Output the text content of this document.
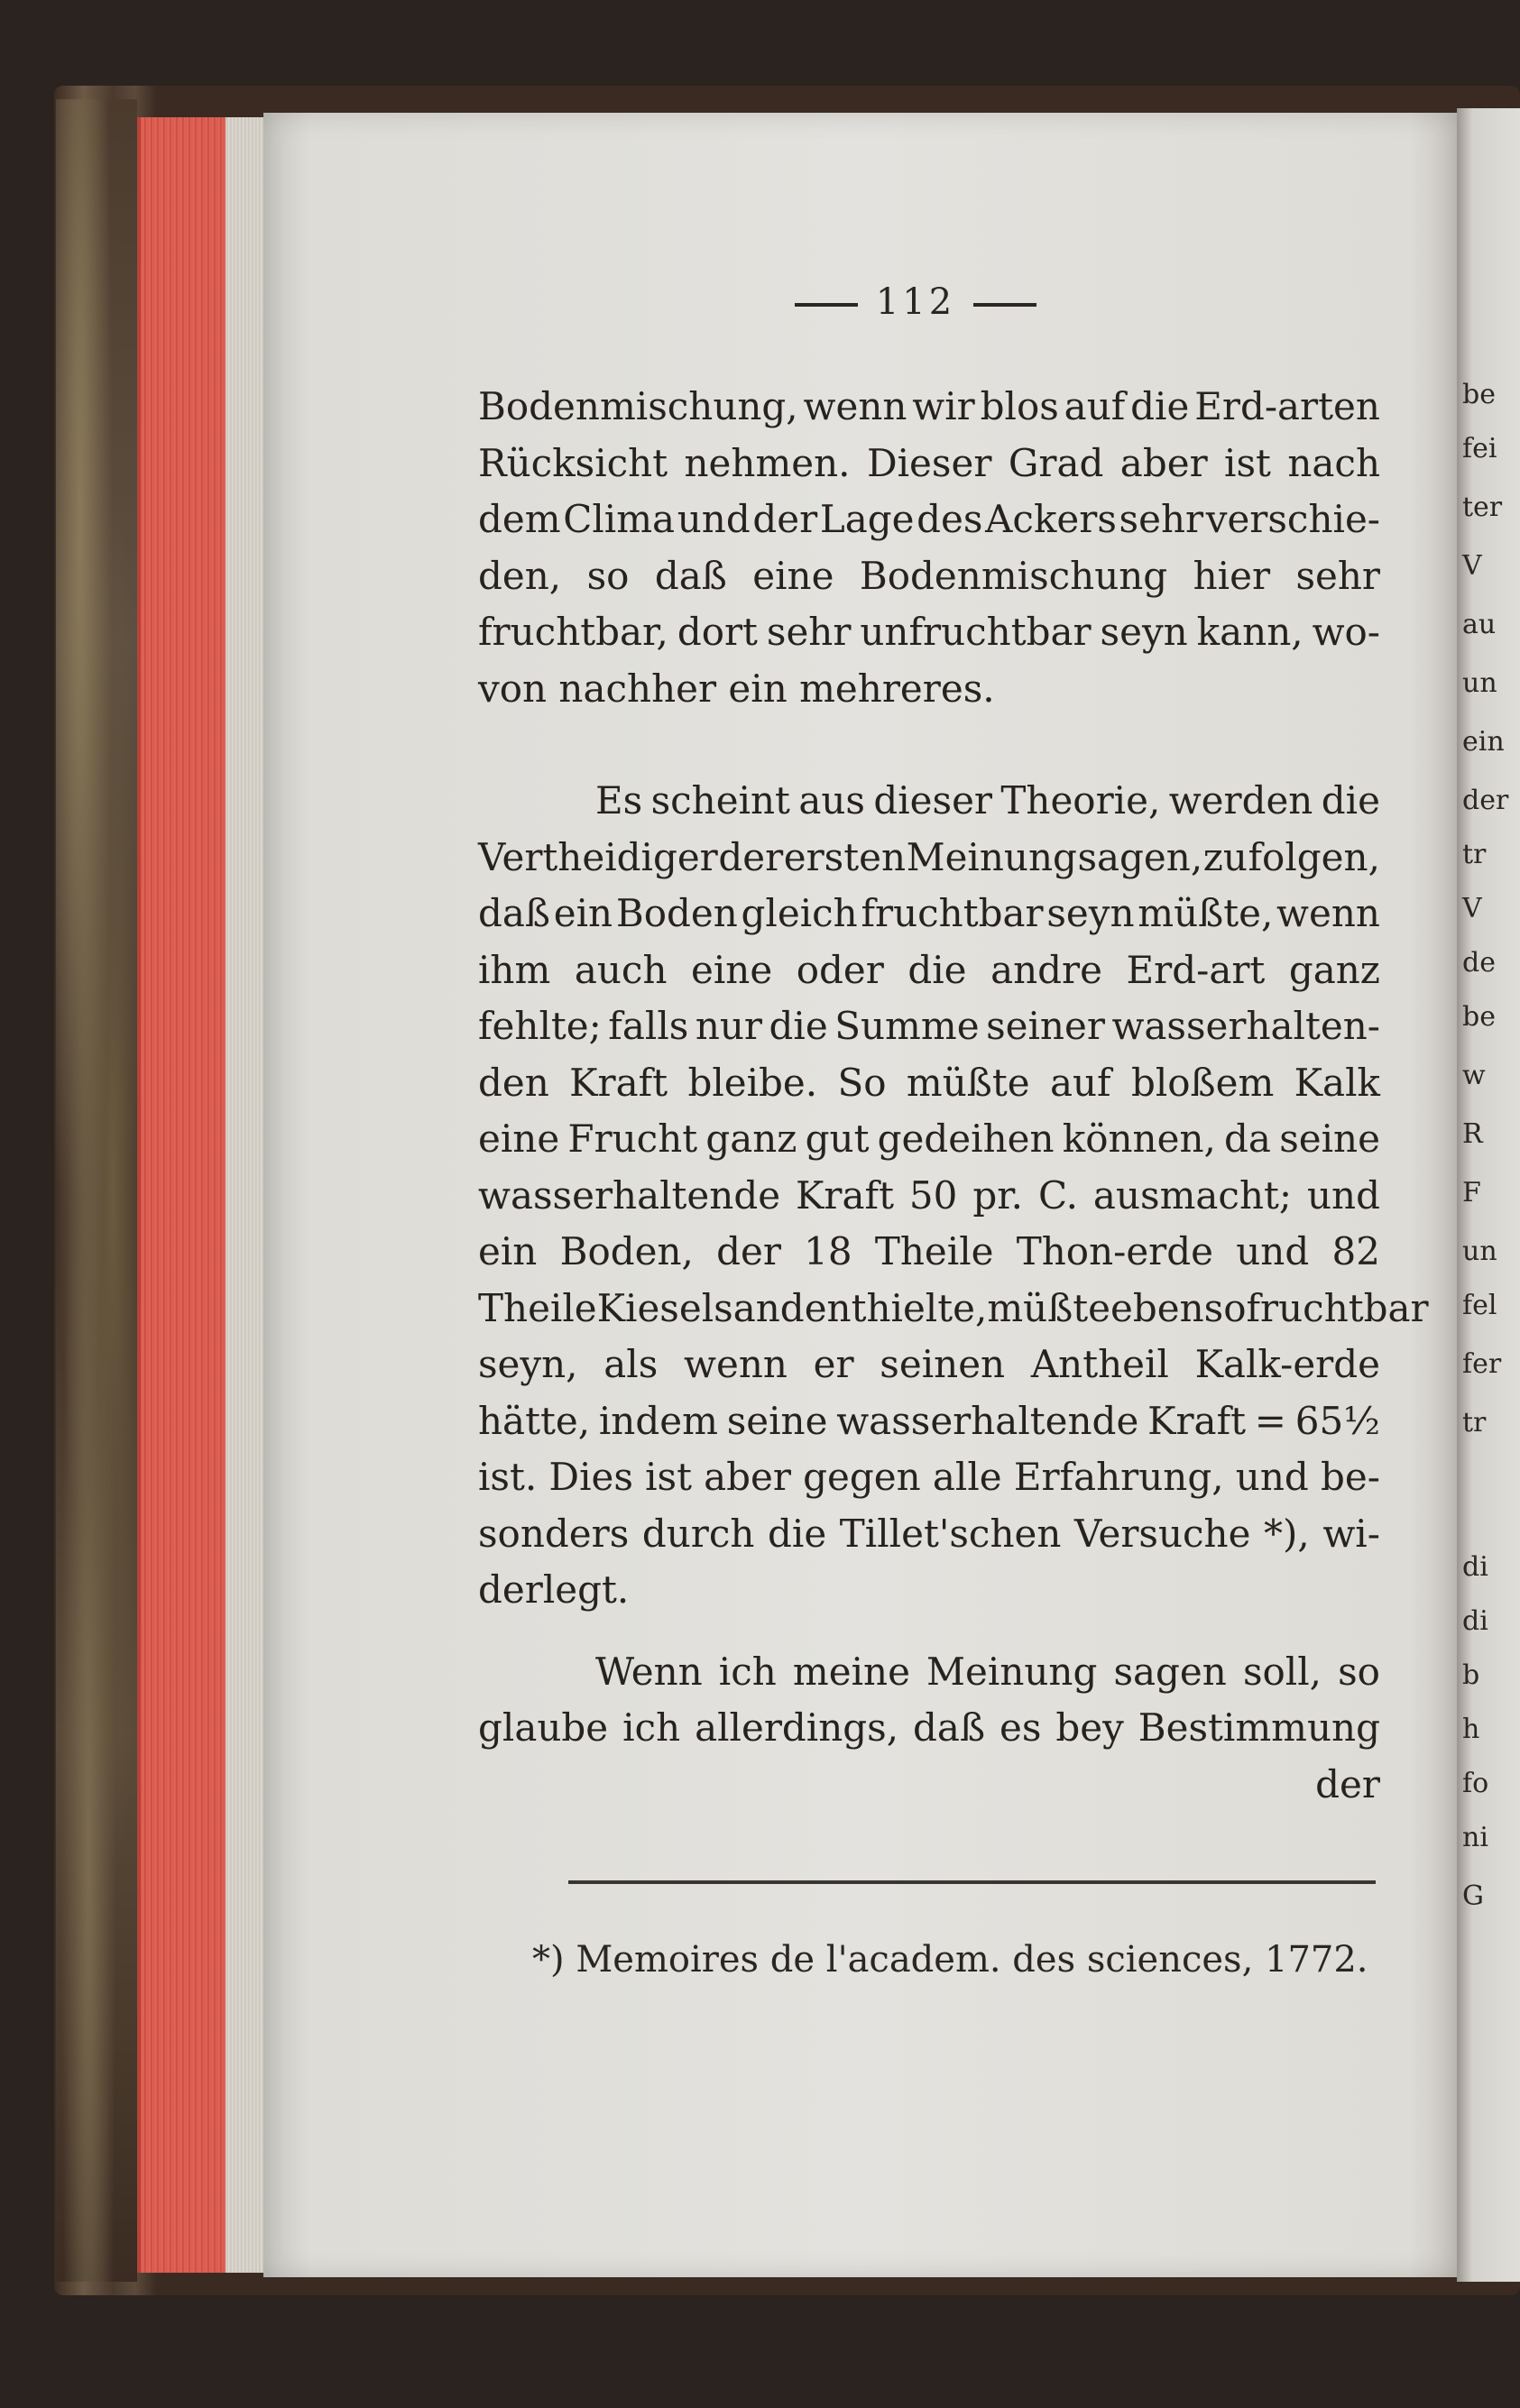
be
fei
ter
V
au
un
ein
der
tr
V
de
be
w
R
F
un
fel
fer
tr
di
di
b
h
fo
ni
G
112
Bodenmischung, wenn wir blos auf die Erd-arten
Rücksicht nehmen. Dieser Grad aber ist nach
dem Clima und der Lage des Ackers sehr verschie-
den, so daß eine Bodenmischung hier sehr
fruchtbar, dort sehr unfruchtbar seyn kann, wo-
von nachher ein mehreres.
Es scheint aus dieser Theorie, werden die
Vertheidiger der ersten Meinung sagen, zu folgen,
daß ein Boden gleich fruchtbar seyn müßte, wenn
ihm auch eine oder die andre Erd-art ganz
fehlte; falls nur die Summe seiner wasserhalten-
den Kraft bleibe. So müßte auf bloßem Kalk
eine Frucht ganz gut gedeihen können, da seine
wasserhaltende Kraft 50 pr. C. ausmacht; und
ein Boden, der 18 Theile Thon-erde und 82
Theile Kieselsand enthielte, müßte eben so fruchtbar
seyn, als wenn er seinen Antheil Kalk-erde
hätte, indem seine wasserhaltende Kraft = 65½
ist. Dies ist aber gegen alle Erfahrung, und be-
sonders durch die Tillet'schen Versuche *), wi-
derlegt.
Wenn ich meine Meinung sagen soll, so
glaube ich allerdings, daß es bey Bestimmung
der
*) Memoires de l'academ. des sciences, 1772.
